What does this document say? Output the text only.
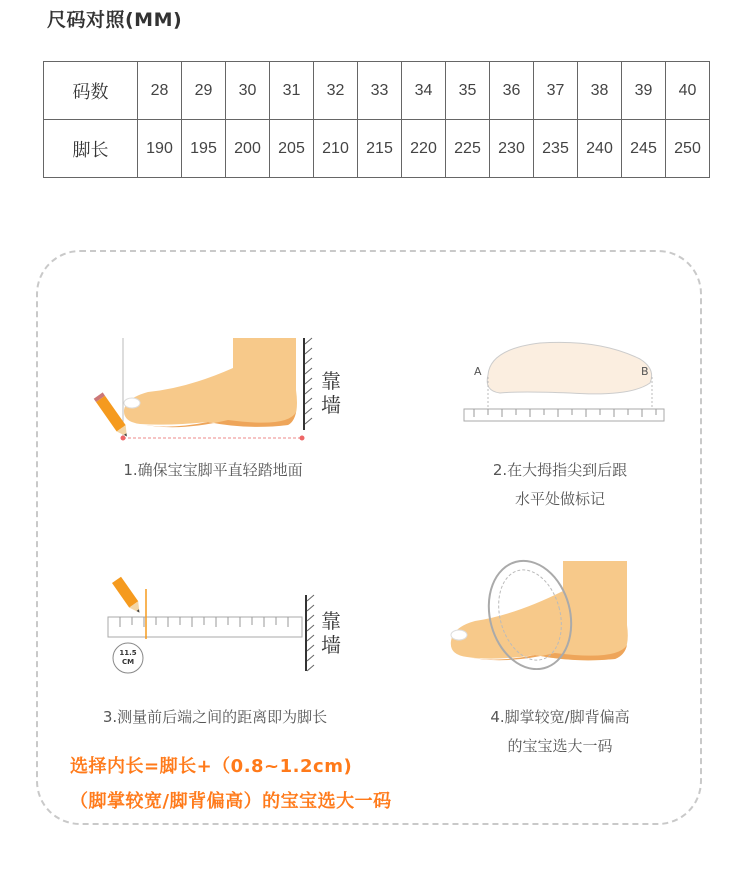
尺码对照(MM)
码数	28	29	30	31	32	33	34	35	36	37	38	39	40
脚长	190	195	200	205	210	215	220	225	230	235	240	245	250
靠墙
1.确保宝宝脚平直轻踏地面
A	B
2.在大拇指尖到后跟
水平处做标记
11.5
CM
靠墙
3.测量前后端之间的距离即为脚长	4.脚掌较宽/脚背偏高
的宝宝选大一码
选择内长=脚长+（0.8~1.2cm)
（脚掌较宽/脚背偏高）的宝宝选大一码
